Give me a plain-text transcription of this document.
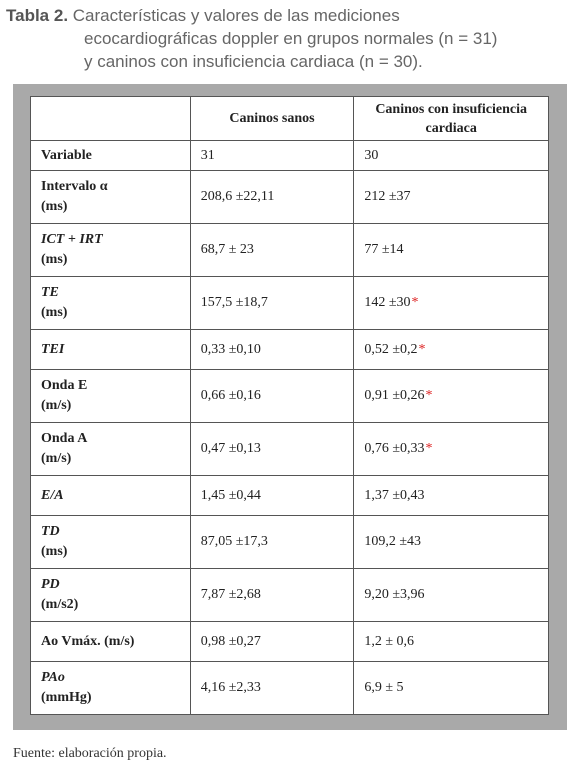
Tabla 2. Características y valores de las mediciones
ecocardiográficas doppler en grupos normales (n = 31)
y caninos con insuficiencia cardiaca (n = 30).
	Caninos sanos	Caninos con insuficiencia cardiaca
Variable	31	30
Intervalo α
(ms)	208,6 ±22,11	212 ±37
ICT + IRT
(ms)	68,7 ± 23	77 ±14
TE
(ms)	157,5 ±18,7	142 ±30*
TEI	0,33 ±0,10	0,52 ±0,2*
Onda E
(m/s)	0,66 ±0,16	0,91 ±0,26*
Onda A
(m/s)	0,47 ±0,13	0,76 ±0,33*
E/A	1,45 ±0,44	1,37 ±0,43
TD
(ms)	87,05 ±17,3	109,2 ±43
PD
(m/s2)	7,87 ±2,68	9,20 ±3,96
Ao Vmáx. (m/s)	0,98 ±0,27	1,2 ± 0,6
PAo
(mmHg)	4,16 ±2,33	6,9 ± 5
Fuente: elaboración propia.
